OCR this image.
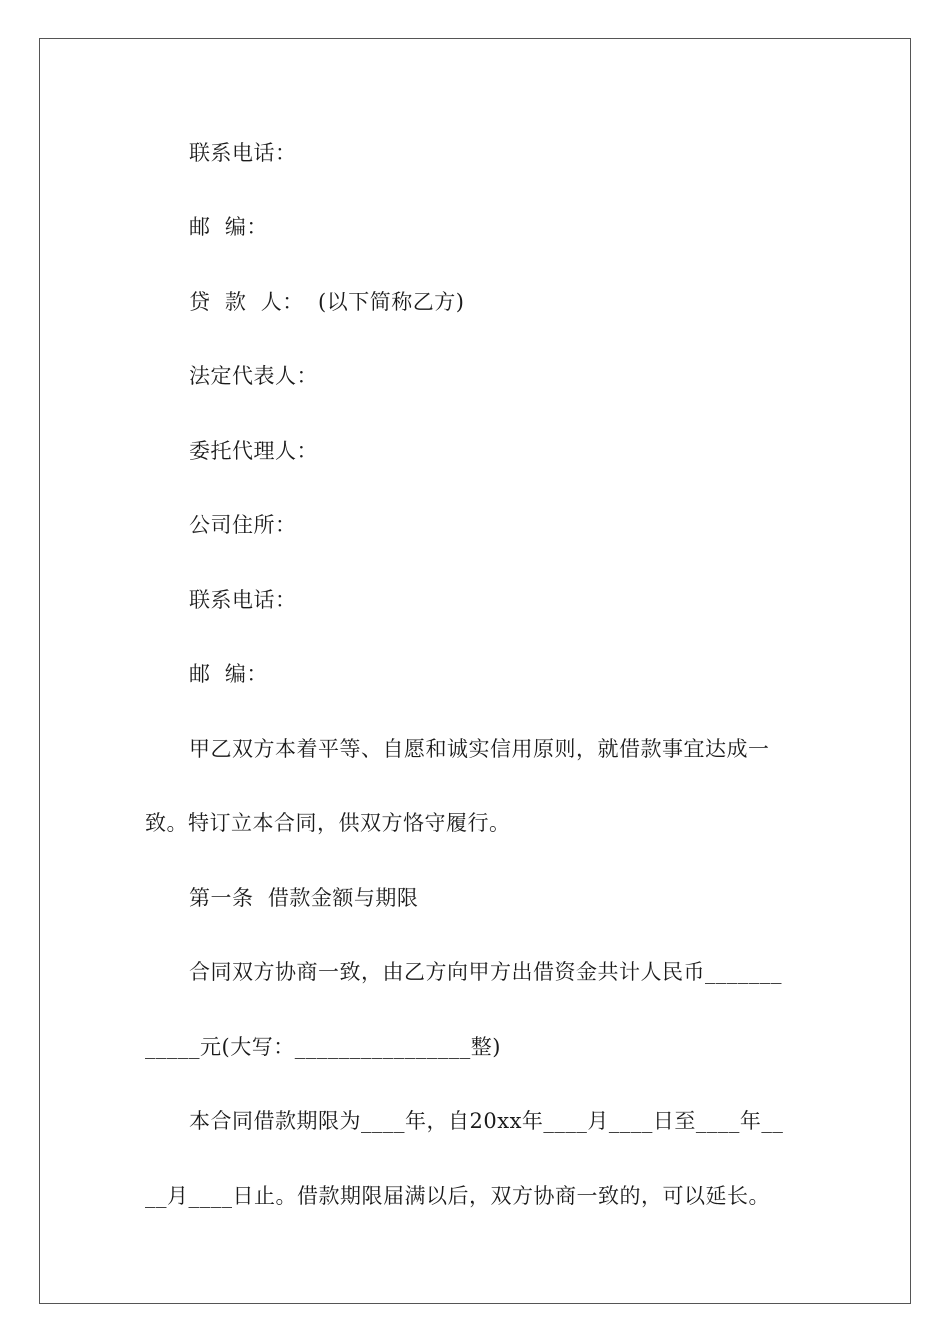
联系电话：
邮  编：
贷  款  人：  (以下简称乙方)
法定代表人：
委托代理人：
公司住所：
联系电话：
邮  编：
甲乙双方本着平等、自愿和诚实信用原则，就借款事宜达成一
致。特订立本合同，供双方恪守履行。
第一条  借款金额与期限
合同双方协商一致，由乙方向甲方出借资金共计人民币_______
_____元(大写：________________整)
本合同借款期限为____年，自20xx年____月____日至____年__
__月____日止。借款期限届满以后，双方协商一致的，可以延长。
